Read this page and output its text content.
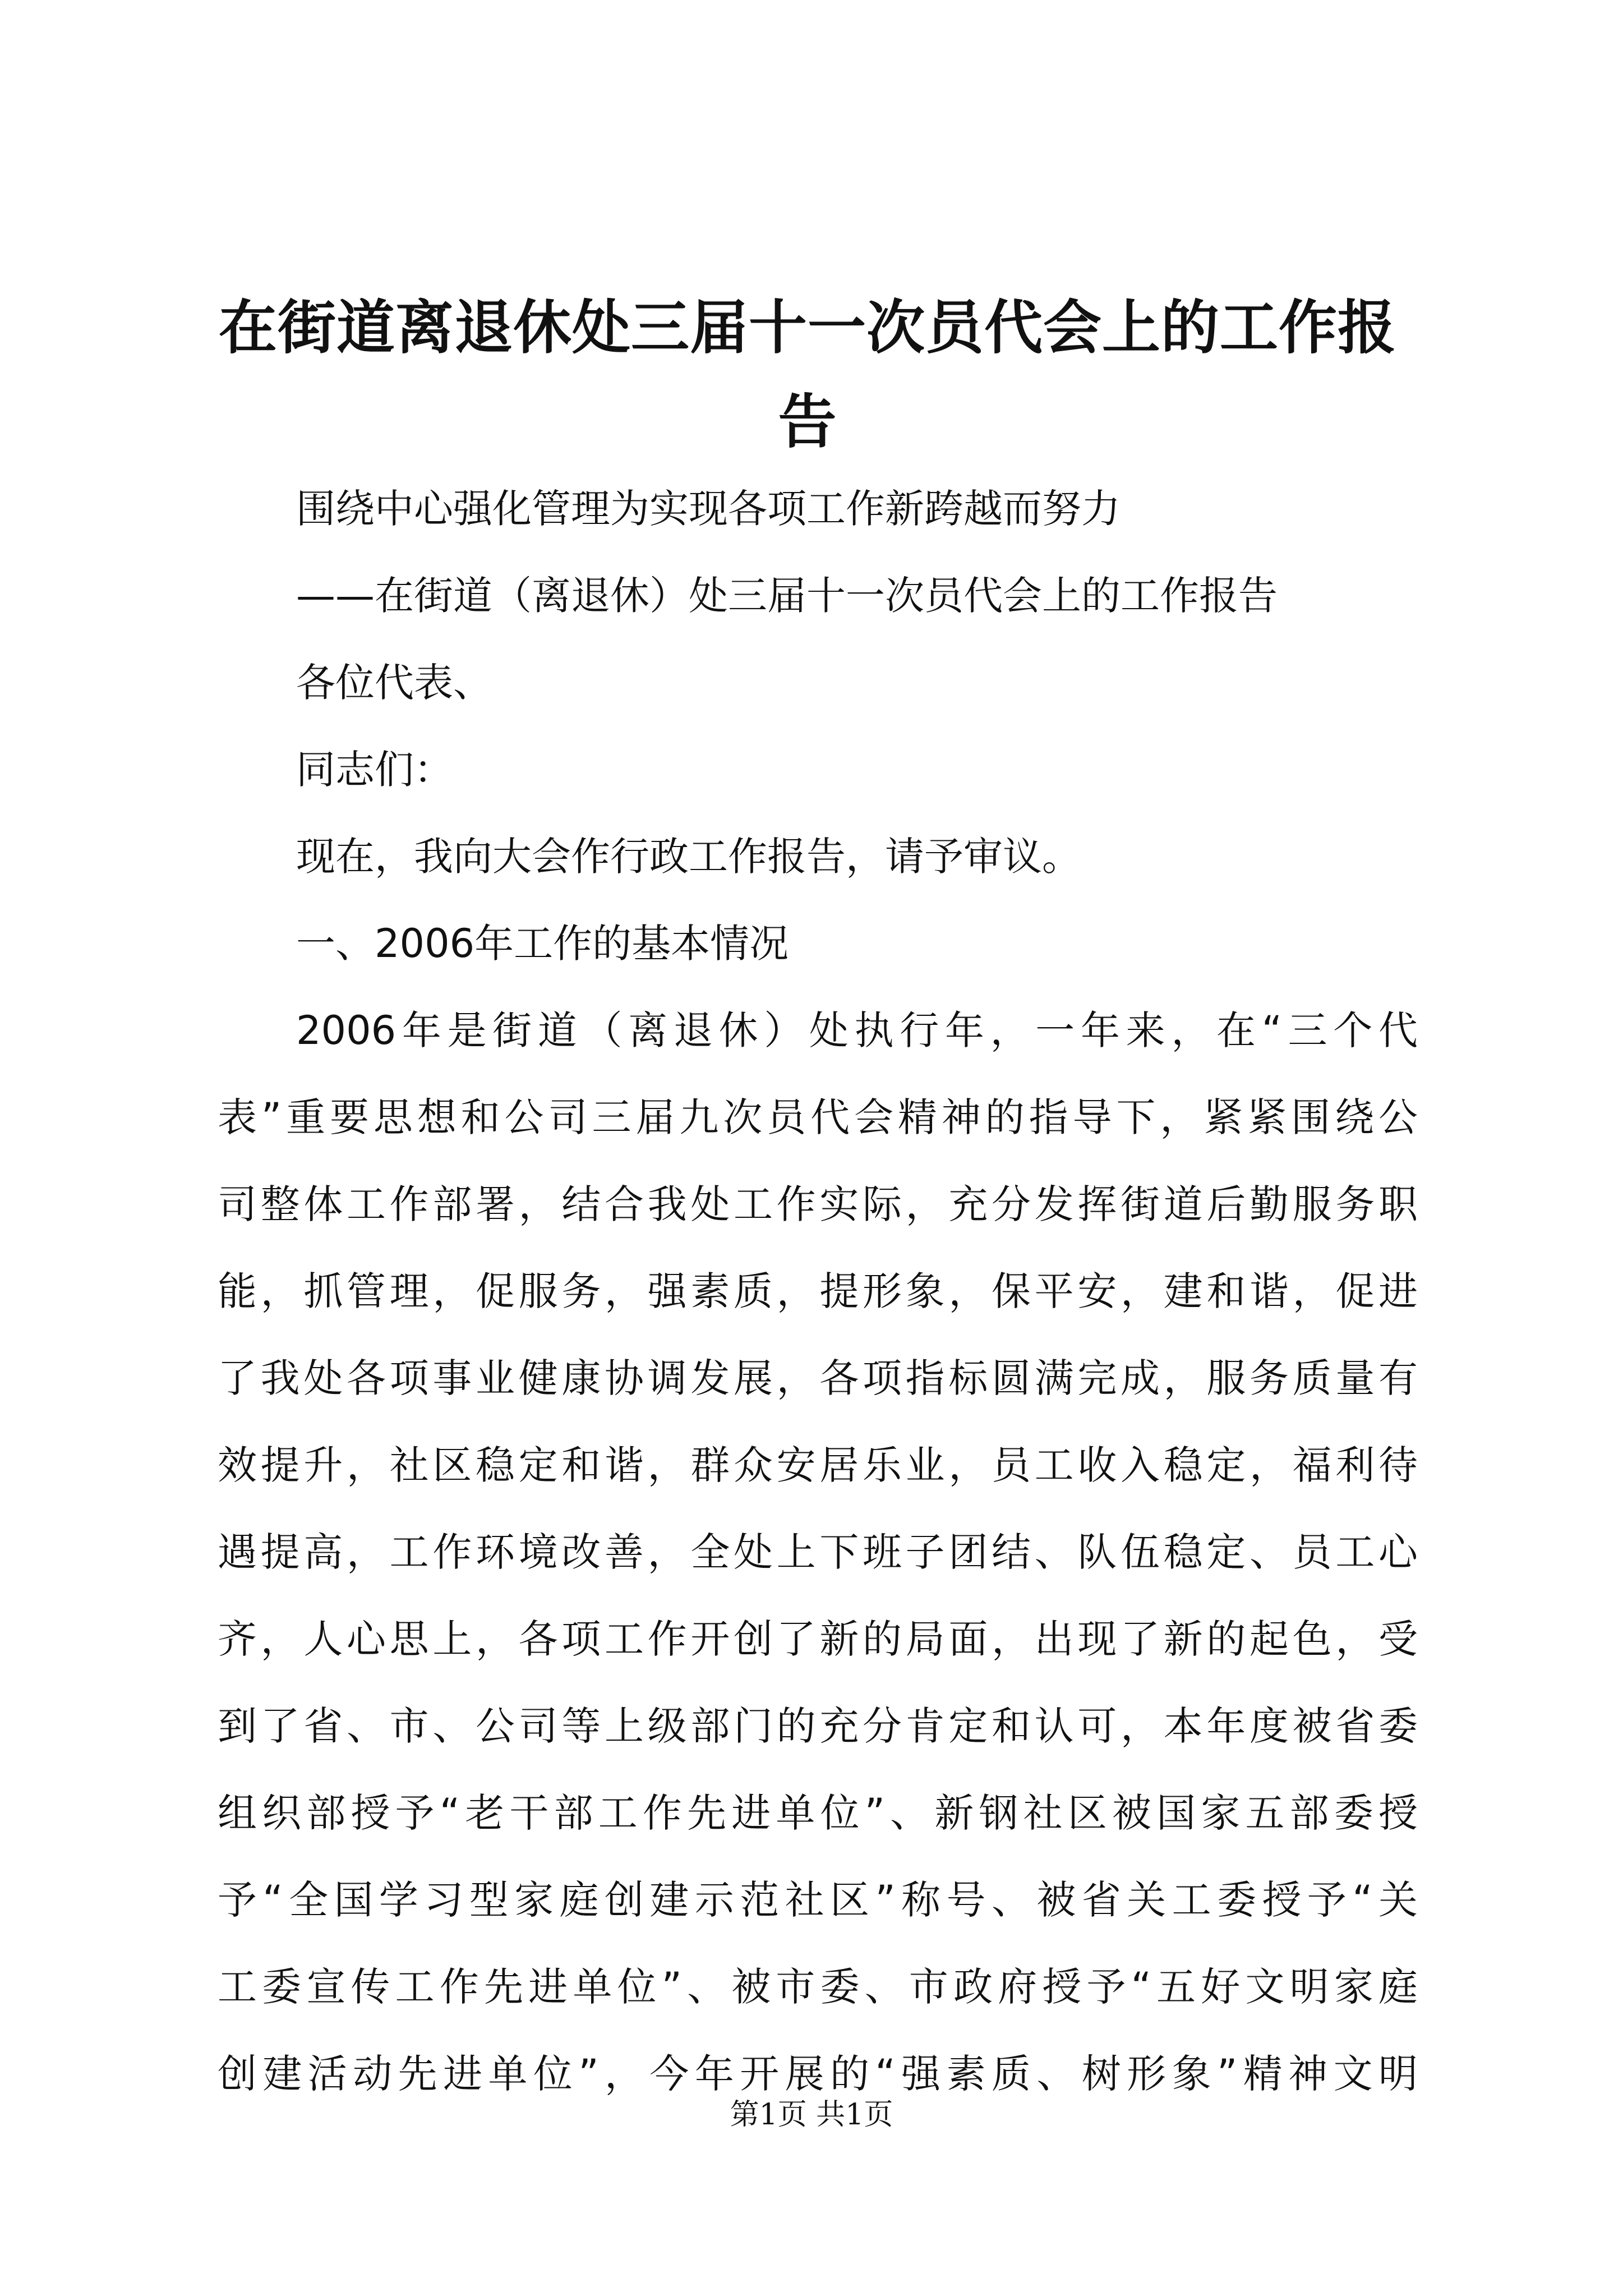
在街道离退休处三届十一次员代会上的工作报告

围绕中心强化管理为实现各项工作新跨越而努力

——在街道（离退休）处三届十一次员代会上的工作报告

各位代表、

同志们：

现在，我向大会作行政工作报告，请予审议。

一、2006年工作的基本情况

2006年是街道（离退休）处执行年，一年来，在“三个代

表”重要思想和公司三届九次员代会精神的指导下，紧紧围绕公

司整体工作部署，结合我处工作实际，充分发挥街道后勤服务职

能，抓管理，促服务，强素质，提形象，保平安，建和谐，促进

了我处各项事业健康协调发展，各项指标圆满完成，服务质量有

效提升，社区稳定和谐，群众安居乐业，员工收入稳定，福利待

遇提高，工作环境改善，全处上下班子团结、队伍稳定、员工心

齐，人心思上，各项工作开创了新的局面，出现了新的起色，受

到了省、市、公司等上级部门的充分肯定和认可，本年度被省委

组织部授予“老干部工作先进单位”、新钢社区被国家五部委授

予“全国学习型家庭创建示范社区”称号、被省关工委授予“关

工委宣传工作先进单位”、被市委、市政府授予“五好文明家庭

创建活动先进单位”，今年开展的“强素质、树形象”精神文明

第1页 共1页
